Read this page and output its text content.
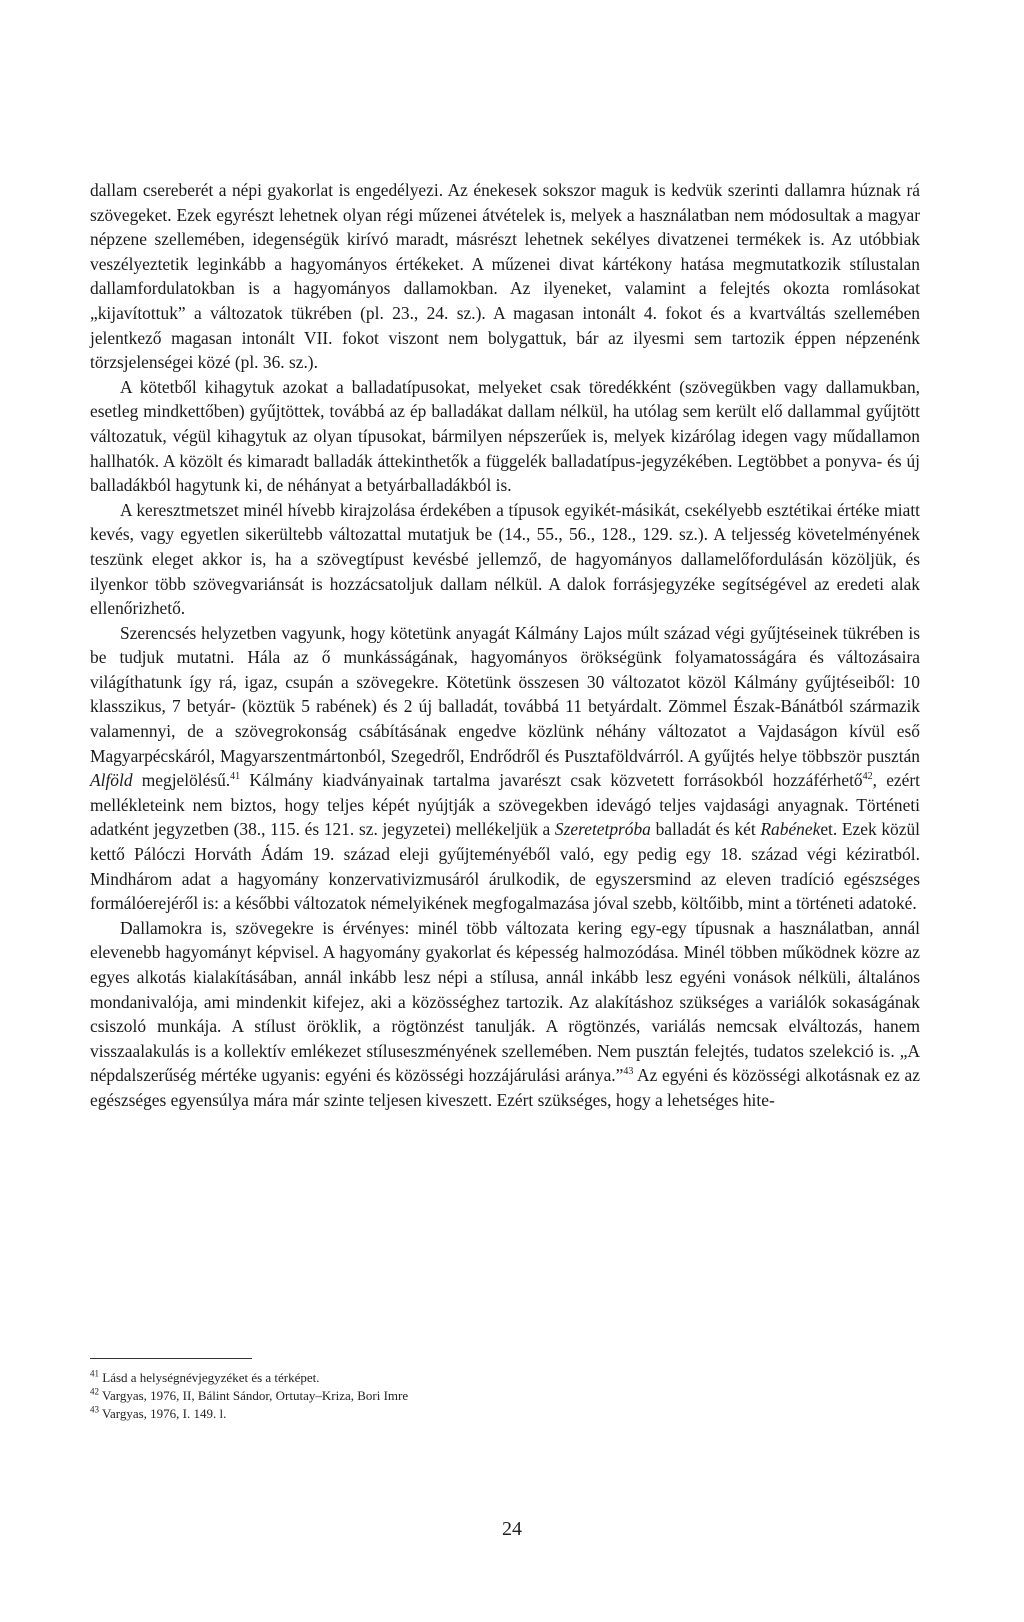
dallam csereberét a népi gyakorlat is engedélyezi. Az énekesek sokszor maguk is kedvük szerinti dallamra húznak rá szövegeket. Ezek egyrészt lehetnek olyan régi műzenei átvételek is, melyek a használatban nem módosultak a magyar népzene szellemében, idegenségük kirívó maradt, másrészt lehetnek sekélyes divatzenei termékek is. Az utóbbiak veszélyeztetik leginkább a hagyományos értékeket. A műzenei divat kártékony hatása megmutatkozik stílustalan dallamfordulatokban is a hagyományos dallamokban. Az ilyeneket, valamint a felejtés okozta romlásokat „kijavítottuk” a változatok tükrében (pl. 23., 24. sz.). A magasan intonált 4. fokot és a kvartváltás szellemében jelentkező magasan intonált VII. fokot viszont nem bolygattuk, bár az ilyesmi sem tartozik éppen népzenénk törzsjelenségei közé (pl. 36. sz.).

A kötetből kihagytuk azokat a balladatípusokat, melyeket csak töredékként (szövegükben vagy dallamukban, esetleg mindkettőben) gyűjtöttek, továbbá az ép balladákat dallam nélkül, ha utólag sem került elő dallammal gyűjtött változatuk, végül kihagytuk az olyan típusokat, bármilyen népszerűek is, melyek kizárólag idegen vagy műdallamon hallhatók. A közölt és kimaradt balladák áttekinthetők a függelék balladatípus-jegyzékében. Legtöbbet a ponyva- és új balladákból hagytunk ki, de néhányat a betyárballadákból is.

A keresztmetszet minél hívebb kirajzolása érdekében a típusok egyikét-másikát, csekélyebb esztétikai értéke miatt kevés, vagy egyetlen sikerültebb változattal mutatjuk be (14., 55., 56., 128., 129. sz.). A teljesség követelményének teszünk eleget akkor is, ha a szövegtípust kevésbé jellemző, de hagyományos dallamelőfordulásán közöljük, és ilyenkor több szövegvariánsát is hozzácsatoljuk dallam nélkül. A dalok forrásjegyzéke segítségével az eredeti alak ellenőrizhető.

Szerencsés helyzetben vagyunk, hogy kötetünk anyagát Kálmány Lajos múlt század végi gyűjtéseinek tükrében is be tudjuk mutatni. Hála az ő munkásságának, hagyományos örökségünk folyamatosságára és változásaira világíthatunk így rá, igaz, csupán a szövegekre. Kötetünk összesen 30 változatot közöl Kálmány gyűjtéseiből: 10 klasszikus, 7 betyár- (köztük 5 rabének) és 2 új balladát, továbbá 11 betyárdalt. Zömmel Észak-Bánátból származik valamennyi, de a szövegrokonság csábításának engedve közlünk néhány változatot a Vajdaságon kívül eső Magyarpécskáról, Magyarszentmártonból, Szegedről, Endrődről és Pusztaföldvárról. A gyűjtés helye többször pusztán Alföld megjelölésű.$^{41}$ Kálmány kiadványainak tartalma javarészt csak közvetett forrásokból hozzáférhető$^{42}$, ezért mellékleteink nem biztos, hogy teljes képét nyújtják a szövegekben idevágó teljes vajdasági anyagnak. Történeti adatként jegyzetben (38., 115. és 121. sz. jegyzetei) mellékeljük a Szeretetpróba balladát és két Rabéneket. Ezek közül kettő Pálóczi Horváth Ádám 19. század eleji gyűjteményéből való, egy pedig egy 18. század végi kéziratból. Mindhárom adat a hagyomány konzervativizmusáról árulkodik, de egyszersmind az eleven tradíció egészséges formálóerejéről is: a későbbi változatok némelyikének megfogalmazása jóval szebb, költőibb, mint a történeti adatoké.

Dallamokra is, szövegekre is érvényes: minél több változata kering egy-egy típusnak a használatban, annál elevenebb hagyományt képvisel. A hagyomány gyakorlat és képesség halmozódása. Minél többen működnek közre az egyes alkotás kialakításában, annál inkább lesz népi a stílusa, annál inkább lesz egyéni vonások nélküli, általános mondanivalója, ami mindenkit kifejez, aki a közösséghez tartozik. Az alakításhoz szükséges a variálók sokaságának csiszoló munkája. A stílust öröklik, a rögtönzést tanulják. A rögtönzés, variálás nemcsak elváltozás, hanem visszaalakulás is a kollektív emlékezet stíluseszményének szellemében. Nem pusztán felejtés, tudatos szelekció is. „A népdalszerűség mértéke ugyanis: egyéni és közösségi hozzájárulási aránya.”$^{43}$ Az egyéni és közösségi alkotásnak ez az egészséges egyensúlya mára már szinte teljesen kiveszett. Ezért szükséges, hogy a lehetséges hite-

$^{41}$ Lásd a helységnévjegyzéket és a térképet.

$^{42}$ Vargyas, 1976, II, Bálint Sándor, Ortutay–Kriza, Bori Imre

$^{43}$ Vargyas, 1976, I. 149. l.

24
